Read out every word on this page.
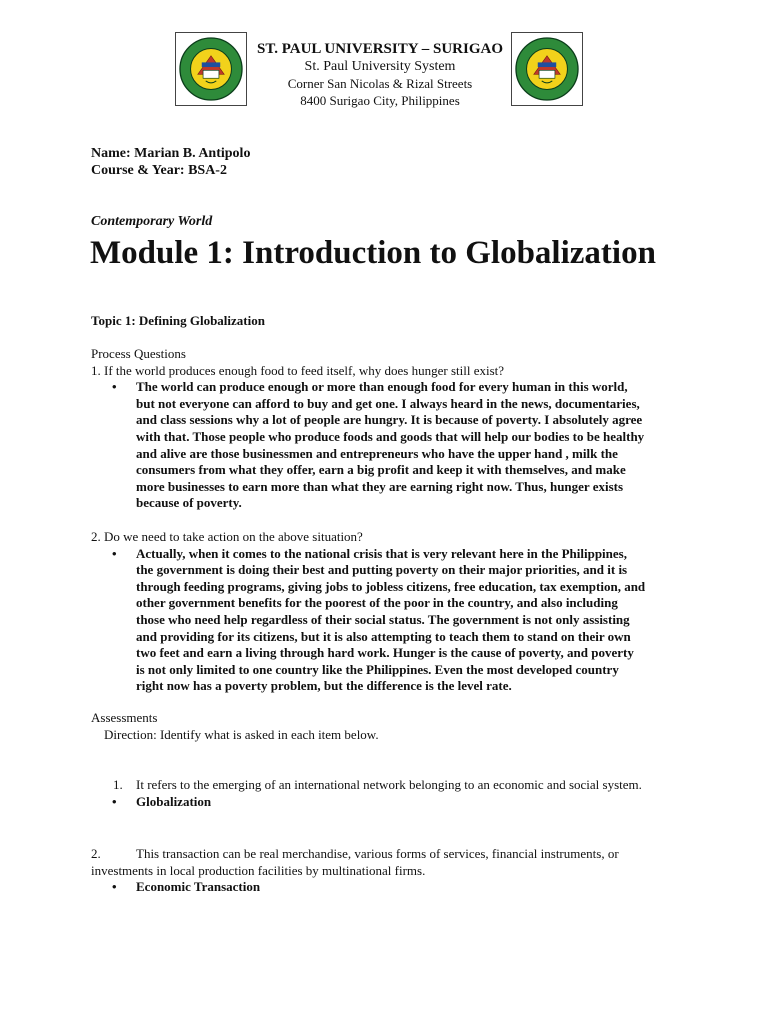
ST. PAUL UNIVERSITY – SURIGAO
St. Paul University System
Corner San Nicolas & Rizal Streets
8400 Surigao City, Philippines
Name: Marian B. Antipolo
Course & Year: BSA-2
Contemporary World
Module 1: Introduction to Globalization
Topic 1: Defining Globalization
Process Questions
1. If the world produces enough food to feed itself, why does hunger still exist?
• The world can produce enough or more than enough food for every human in this world,
but not everyone can afford to buy and get one. I always heard in the news, documentaries,
and class sessions why a lot of people are hungry. It is because of poverty. I absolutely agree
with that. Those people who produce foods and goods that will help our bodies to be healthy
and alive are those businessmen and entrepreneurs who have the upper hand , milk the
consumers from what they offer, earn a big profit and keep it with themselves, and make
more businesses to earn more than what they are earning right now. Thus, hunger exists
because of poverty.
2. Do we need to take action on the above situation?
• Actually, when it comes to the national crisis that is very relevant here in the Philippines,
the government is doing their best and putting poverty on their major priorities, and it is
through feeding programs, giving jobs to jobless citizens, free education, tax exemption, and
other government benefits for the poorest of the poor in the country, and also including
those who need help regardless of their social status. The government is not only assisting
and providing for its citizens, but it is also attempting to teach them to stand on their own
two feet and earn a living through hard work. Hunger is the cause of poverty, and poverty
is not only limited to one country like the Philippines. Even the most developed country
right now has a poverty problem, but the difference is the level rate.
Assessments
Direction: Identify what is asked in each item below.
1. It refers to the emerging of an international network belonging to an economic and social system.
• Globalization
2.	This transaction can be real merchandise, various forms of services, financial instruments, or
investments in local production facilities by multinational firms.
• Economic Transaction
